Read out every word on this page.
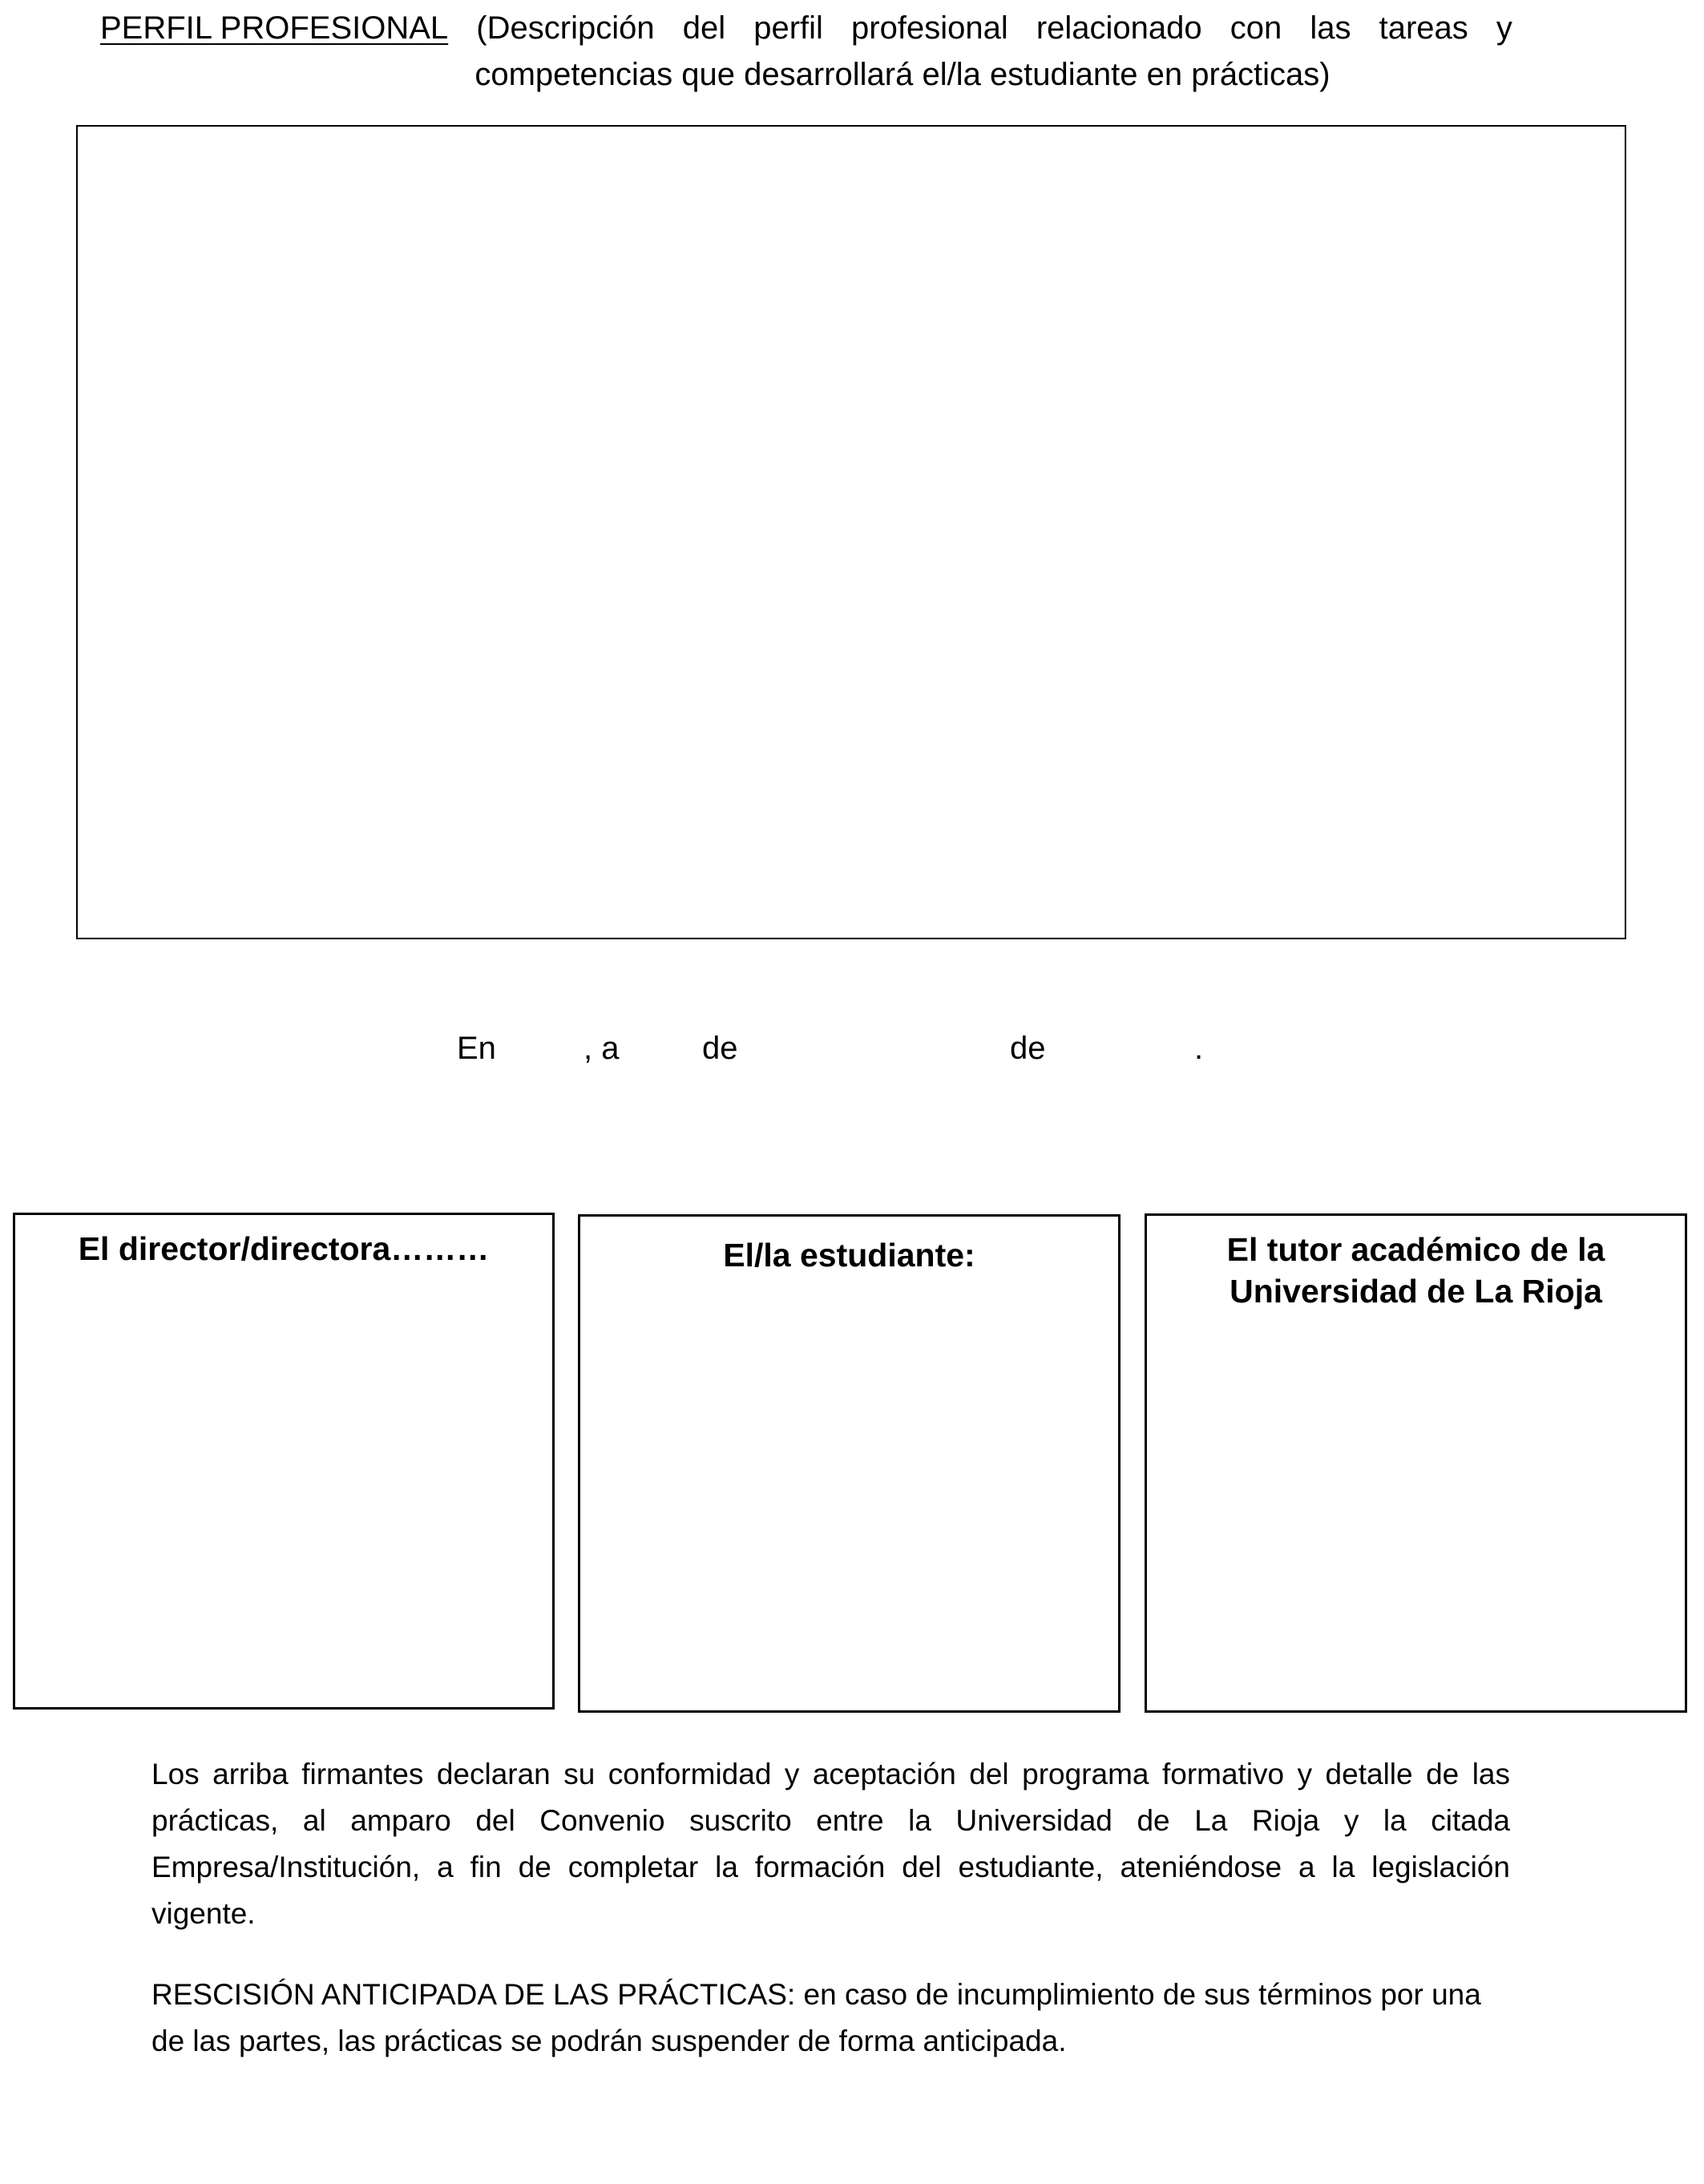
PERFIL PROFESIONAL (Descripción del perfil profesional relacionado con las tareas y
competencias que desarrollará el/la estudiante en prácticas)
En	, a	de	de	.
El director/directora………	El/la estudiante:	El tutor académico de la
Universidad de La Rioja
Los arriba firmantes declaran su conformidad y aceptación del programa formativo y detalle de las prácticas, al amparo del Convenio suscrito entre la Universidad de La Rioja y la citada Empresa/Institución, a fin de completar la formación del estudiante, ateniéndose a la legislación vigente.
RESCISIÓN ANTICIPADA DE LAS PRÁCTICAS: en caso de incumplimiento de sus términos por una de las partes, las prácticas se podrán suspender de forma anticipada.
